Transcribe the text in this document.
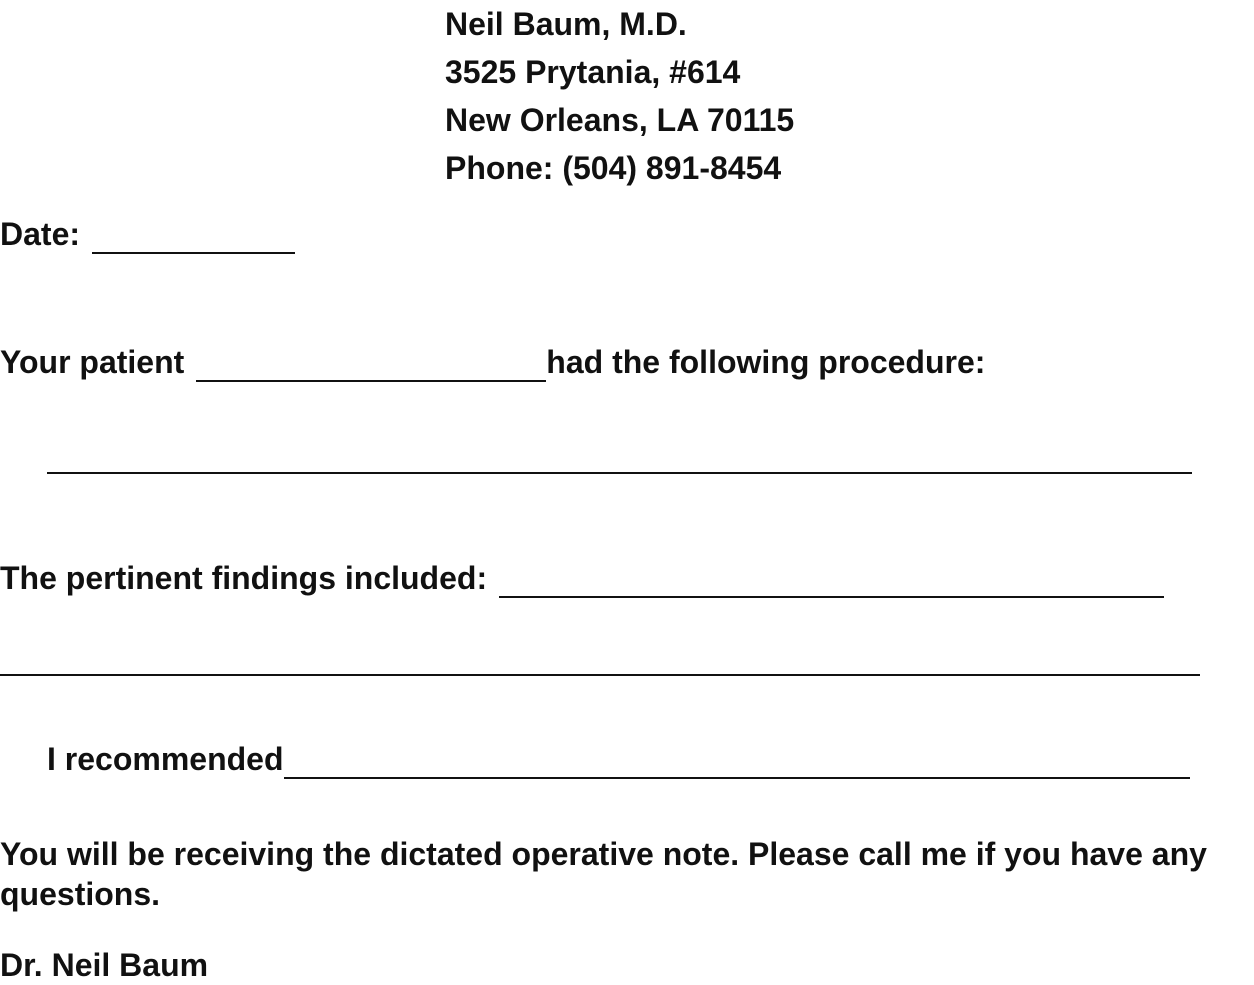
Neil Baum, M.D.
3525 Prytania, #614
New Orleans, LA 70115
Phone: (504) 891-8454
Date:
Your patient	had the following procedure:
The pertinent findings included:
I recommended
You will be receiving the dictated operative note. Please call me if you have any questions.
Dr. Neil Baum
